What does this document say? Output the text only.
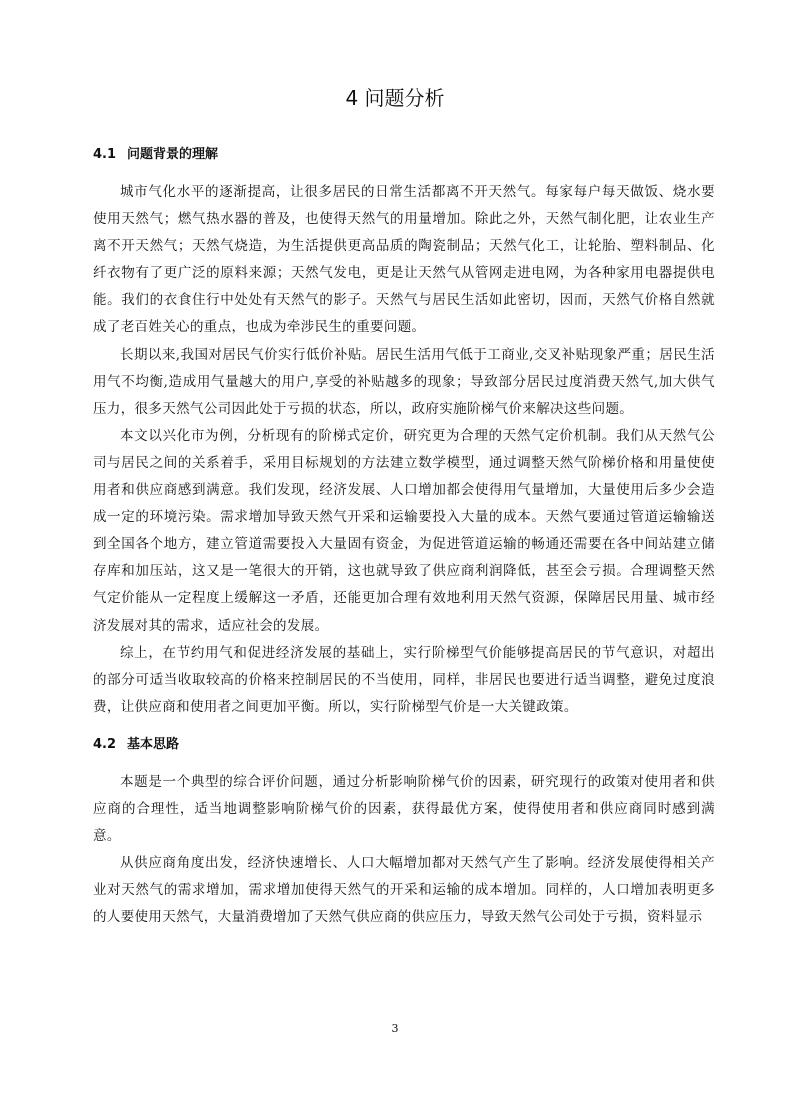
4 问题分析
4.1 问题背景的理解

城市气化水平的逐渐提高，让很多居民的日常生活都离不开天然气。每家每户每天做饭、烧水要使用天然气；燃气热水器的普及，也使得天然气的用量增加。除此之外，天然气制化肥，让农业生产离不开天然气；天然气烧造，为生活提供更高品质的陶瓷制品；天然气化工，让轮胎、塑料制品、化纤衣物有了更广泛的原料来源；天然气发电，更是让天然气从管网走进电网，为各种家用电器提供电能。我们的衣食住行中处处有天然气的影子。天然气与居民生活如此密切，因而，天然气价格自然就成了老百姓关心的重点，也成为牵涉民生的重要问题。

长期以来,我国对居民气价实行低价补贴。居民生活用气低于工商业,交叉补贴现象严重；居民生活用气不均衡,造成用气量越大的用户,享受的补贴越多的现象；导致部分居民过度消费天然气,加大供气压力，很多天然气公司因此处于亏损的状态，所以，政府实施阶梯气价来解决这些问题。

本文以兴化市为例，分析现有的阶梯式定价，研究更为合理的天然气定价机制。我们从天然气公司与居民之间的关系着手，采用目标规划的方法建立数学模型，通过调整天然气阶梯价格和用量使使用者和供应商感到满意。我们发现，经济发展、人口增加都会使得用气量增加，大量使用后多少会造成一定的环境污染。需求增加导致天然气开采和运输要投入大量的成本。天然气要通过管道运输输送到全国各个地方，建立管道需要投入大量固有资金，为促进管道运输的畅通还需要在各中间站建立储存库和加压站，这又是一笔很大的开销，这也就导致了供应商利润降低，甚至会亏损。合理调整天然气定价能从一定程度上缓解这一矛盾，还能更加合理有效地利用天然气资源，保障居民用量、城市经济发展对其的需求，适应社会的发展。

综上，在节约用气和促进经济发展的基础上，实行阶梯型气价能够提高居民的节气意识，对超出的部分可适当收取较高的价格来控制居民的不当使用，同样，非居民也要进行适当调整，避免过度浪费，让供应商和使用者之间更加平衡。所以，实行阶梯型气价是一大关键政策。

4.2 基本思路

本题是一个典型的综合评价问题，通过分析影响阶梯气价的因素，研究现行的政策对使用者和供应商的合理性，适当地调整影响阶梯气价的因素，获得最优方案，使得使用者和供应商同时感到满意。

从供应商角度出发，经济快速增长、人口大幅增加都对天然气产生了影响。经济发展使得相关产业对天然气的需求增加，需求增加使得天然气的开采和运输的成本增加。同样的，人口增加表明更多的人要使用天然气，大量消费增加了天然气供应商的供应压力，导致天然气公司处于亏损，资料显示

3
